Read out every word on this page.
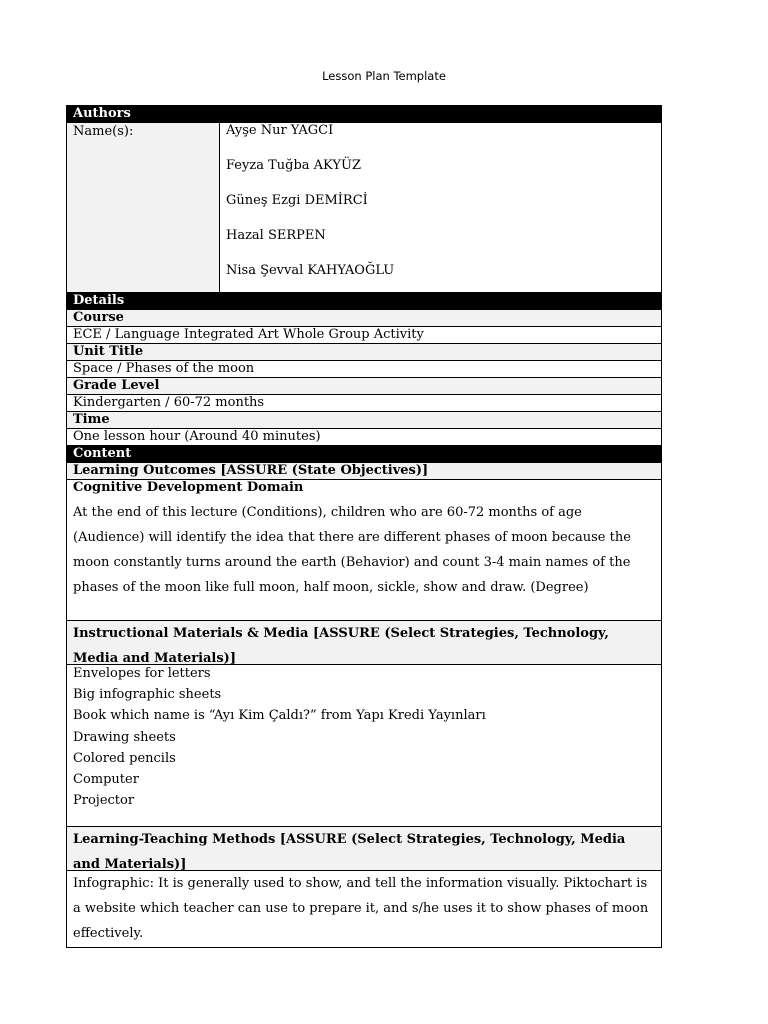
Lesson Plan Template
Authors
Name(s):	Ayşe Nur YAĞCI
Feyza Tuğba AKYÜZ
Güneş Ezgi DEMİRCİ
Hazal SERPEN
Nisa Şevval KAHYAOĞLU
Details
Course
ECE / Language Integrated Art Whole Group Activity
Unit Title
Space / Phases of the moon
Grade Level
Kindergarten / 60-72 months
Time
One lesson hour (Around 40 minutes)
Content
Learning Outcomes [ASSURE (State Objectives)]
Cognitive Development Domain
At the end of this lecture (Conditions), children who are 60-72 months of age (Audience) will identify the idea that there are different phases of moon because the moon constantly turns around the earth (Behavior) and count 3-4 main names of the phases of the moon like full moon, half moon, sickle, show and draw. (Degree)
Instructional Materials & Media [ASSURE (Select Strategies, Technology, Media and Materials)]
Envelopes for letters
Big infographic sheets
Book which name is “Ayı Kim Çaldı?” from Yapı Kredi Yayınları
Drawing sheets
Colored pencils
Computer
Projector
Learning-Teaching Methods [ASSURE (Select Strategies, Technology, Media and Materials)]
Infographic: It is generally used to show, and tell the information visually. Piktochart is a website which teacher can use to prepare it, and s/he uses it to show phases of moon effectively.
